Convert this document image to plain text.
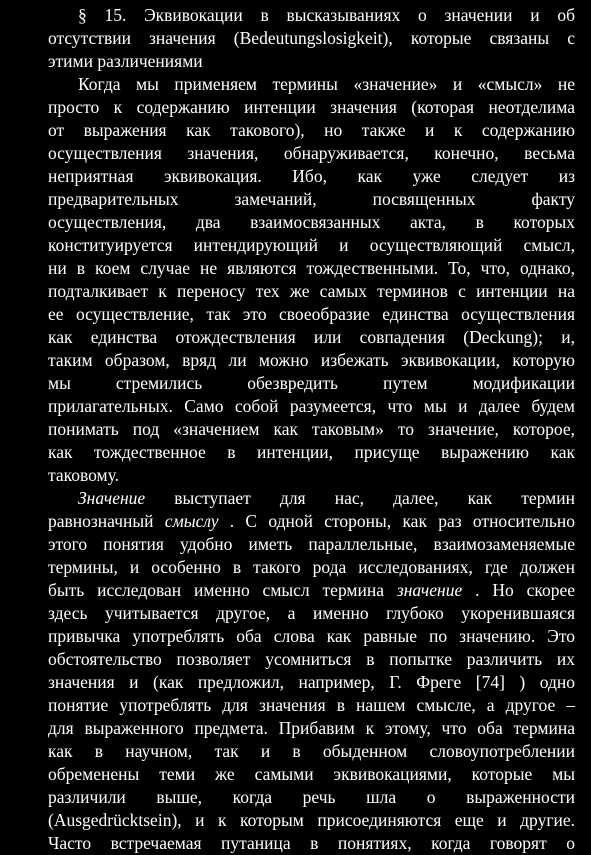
§ 15. Эквивокации в высказываниях о значении и об
отсутствии значения (Bedeutungslosigkeit), которые связаны с
этими различениями
Когда мы применяем термины «значение» и «смысл» не
просто к содержанию интенции значения (которая неотделима
от выражения как такового), но также и к содержанию
осуществления значения, обнаруживается, конечно, весьма
неприятная эквивокация. Ибо, как уже следует из
предварительных замечаний, посвященных факту
осуществления, два взаимосвязанных акта, в которых
конституируется интендирующий и осуществляющий смысл,
ни в коем случае не являются тождественными. То, что, однако,
подталкивает к переносу тех же самых терминов с интенции на
ее осуществление, так это своеобразие единства осуществления
как единства отождествления или совпадения (Deckung); и,
таким образом, вряд ли можно избежать эквивокации, которую
мы стремились обезвредить путем модификации
прилагательных. Само собой разумеется, что мы и далее будем
понимать под «значением как таковым» то значение, которое,
как тождественное в интенции, присуще выражению как
таковому.
Значение выступает для нас, далее, как термин
равнозначный смыслу . С одной стороны, как раз относительно
этого понятия удобно иметь параллельные, взаимозаменяемые
термины, и особенно в такого рода исследованиях, где должен
быть исследован именно смысл термина значение . Но скорее
здесь учитывается другое, а именно глубоко укоренившаяся
привычка употреблять оба слова как равные по значению. Это
обстоятельство позволяет усомниться в попытке различить их
значения и (как предложил, например, Г. Фреге [74] ) одно
понятие употреблять для значения в нашем смысле, а другое –
для выраженного предмета. Прибавим к этому, что оба термина
как в научном, так и в обыденном словоупотреблении
обременены теми же самыми эквивокациями, которые мы
различили выше, когда речь шла о выраженности
(Ausgedrücktsein), и к которым присоединяются еще и другие.
Часто встречаемая путаница в понятиях, когда говорят о
